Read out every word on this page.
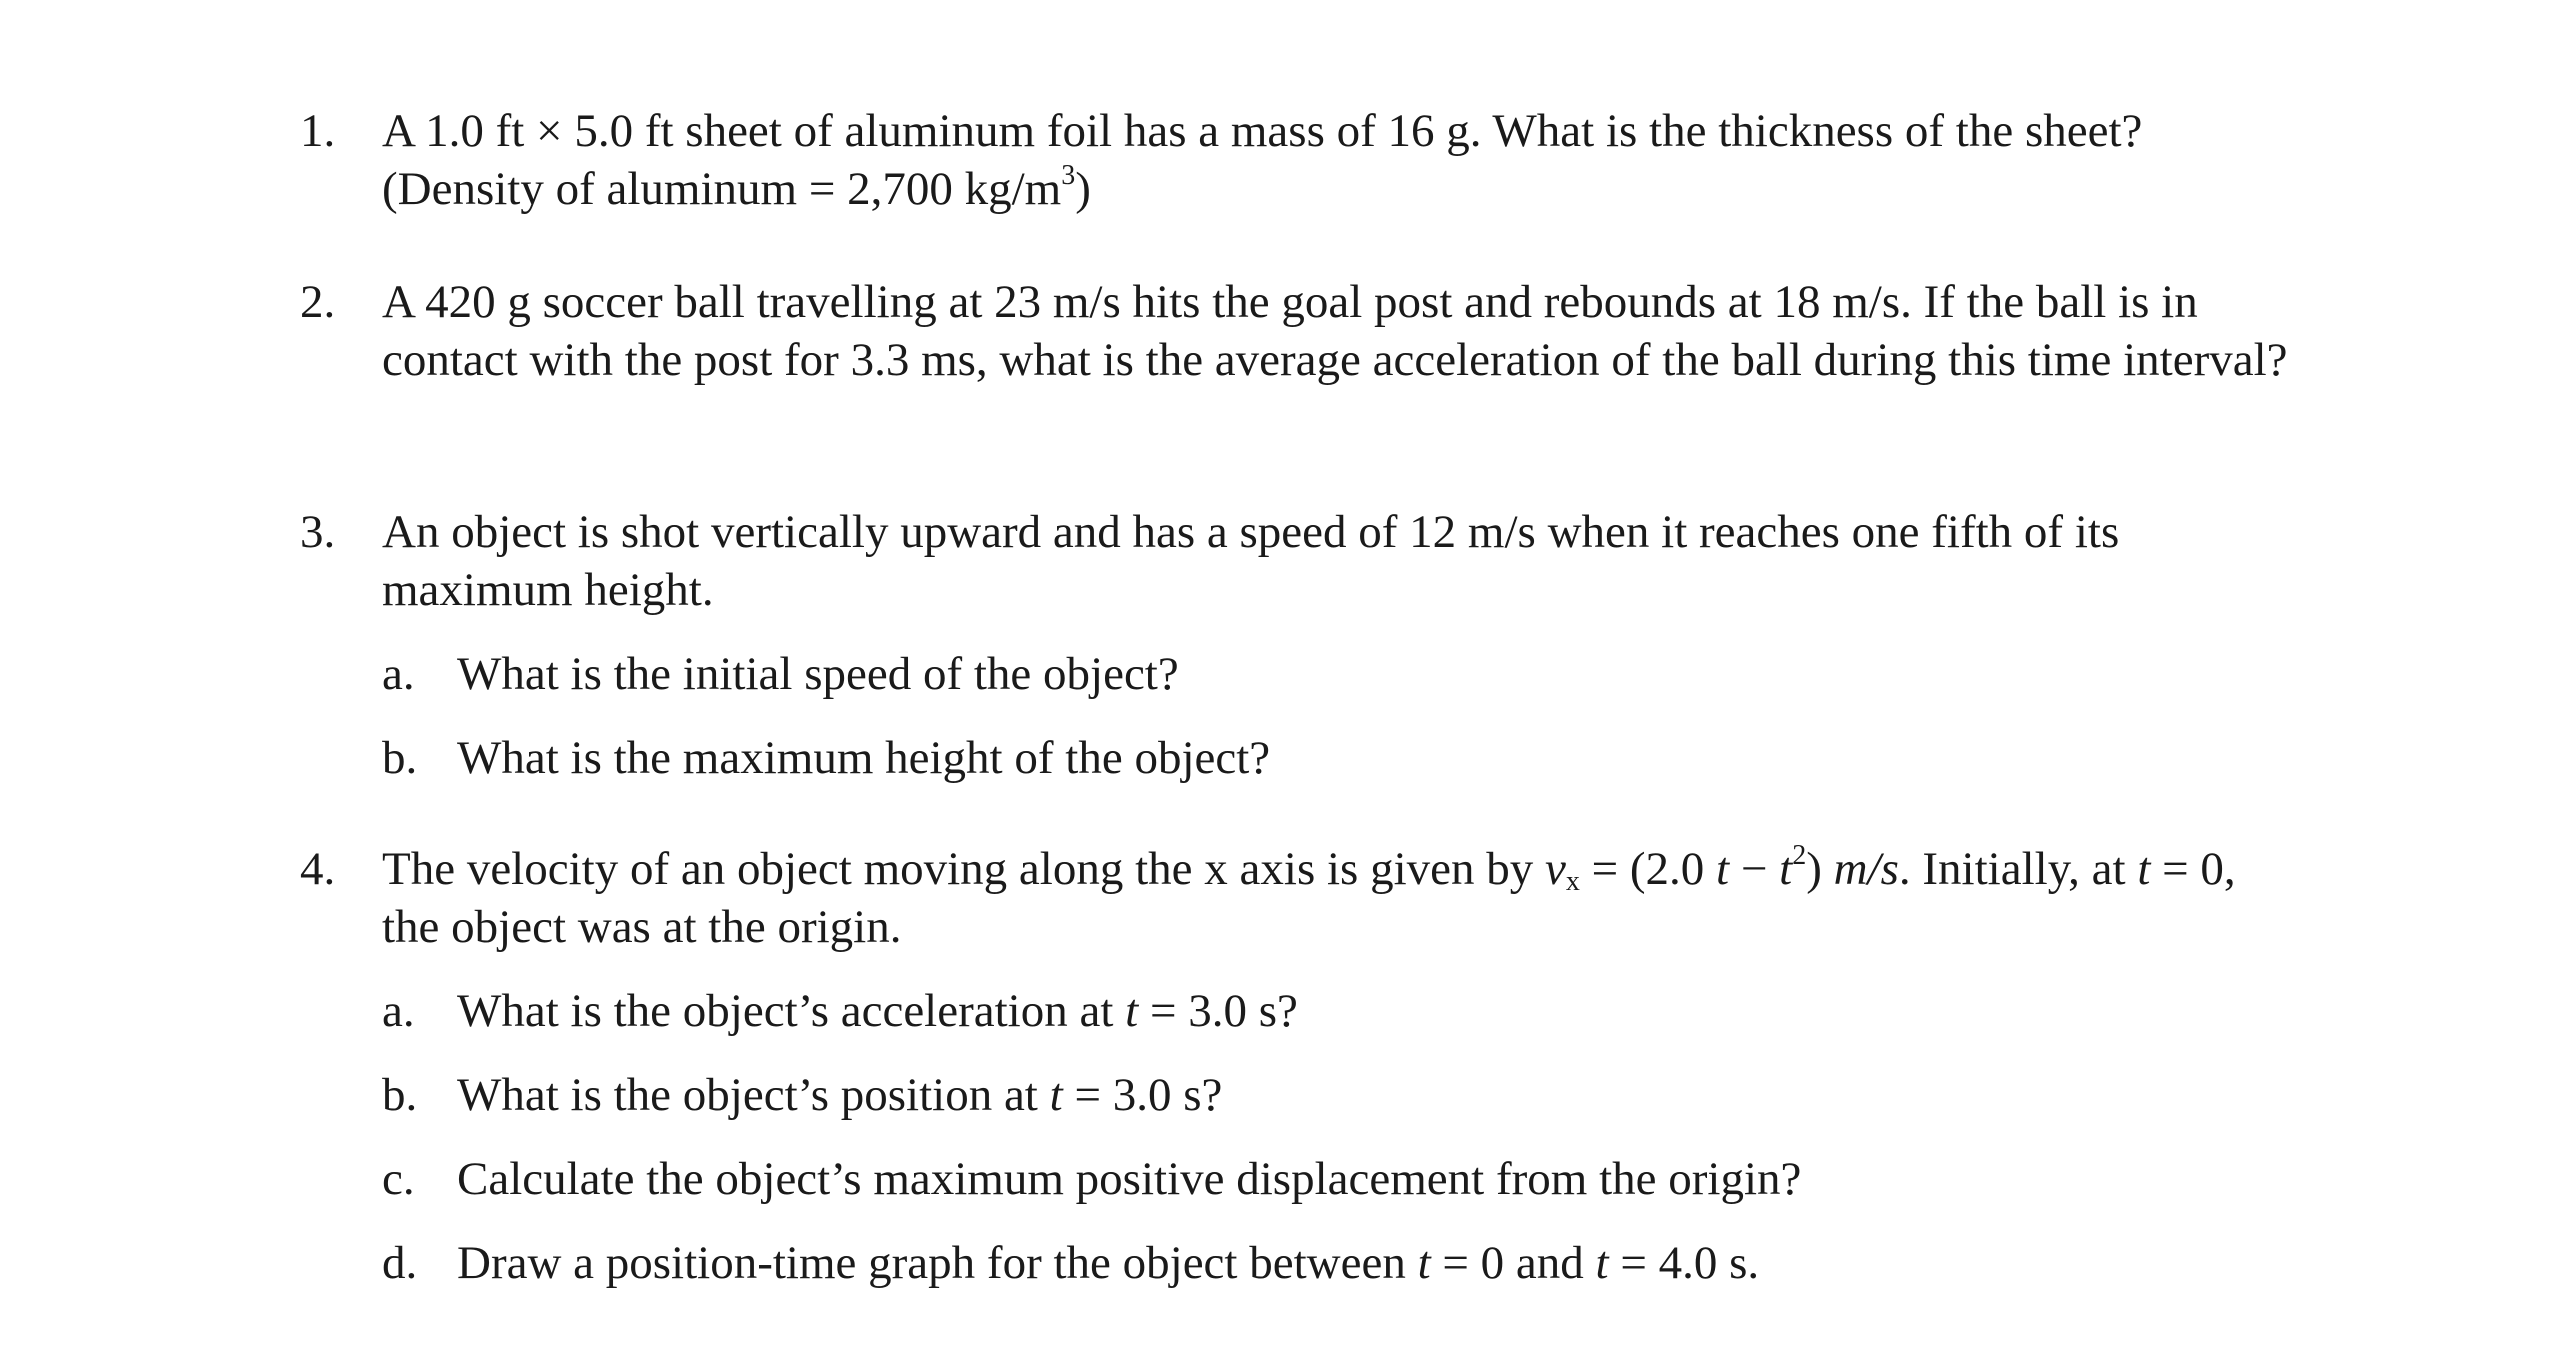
1. A 1.0 ft × 5.0 ft sheet of aluminum foil has a mass of 16 g. What is the thickness of the sheet? (Density of aluminum = 2,700 $kg/m^3$)
2. A 420 g soccer ball travelling at 23 m/s hits the goal post and rebounds at 18 m/s. If the ball is in contact with the post for 3.3 ms, what is the average acceleration of the ball during this time interval?
3. An object is shot vertically upward and has a speed of 12 m/s when it reaches one fifth of its maximum height.
a. What is the initial speed of the object?
b. What is the maximum height of the object?
4. The velocity of an object moving along the x axis is given by $v_x = (2.0$ $t - t^2$) m/s. Initially, at t = 0, the object was at the origin.
a. What is the object’s acceleration at t = 3.0 s?
b. What is the object’s position at t = 3.0 s?
c. Calculate the object’s maximum positive displacement from the origin?
d. Draw a position-time graph for the object between t = 0 and t = 4.0 s.
